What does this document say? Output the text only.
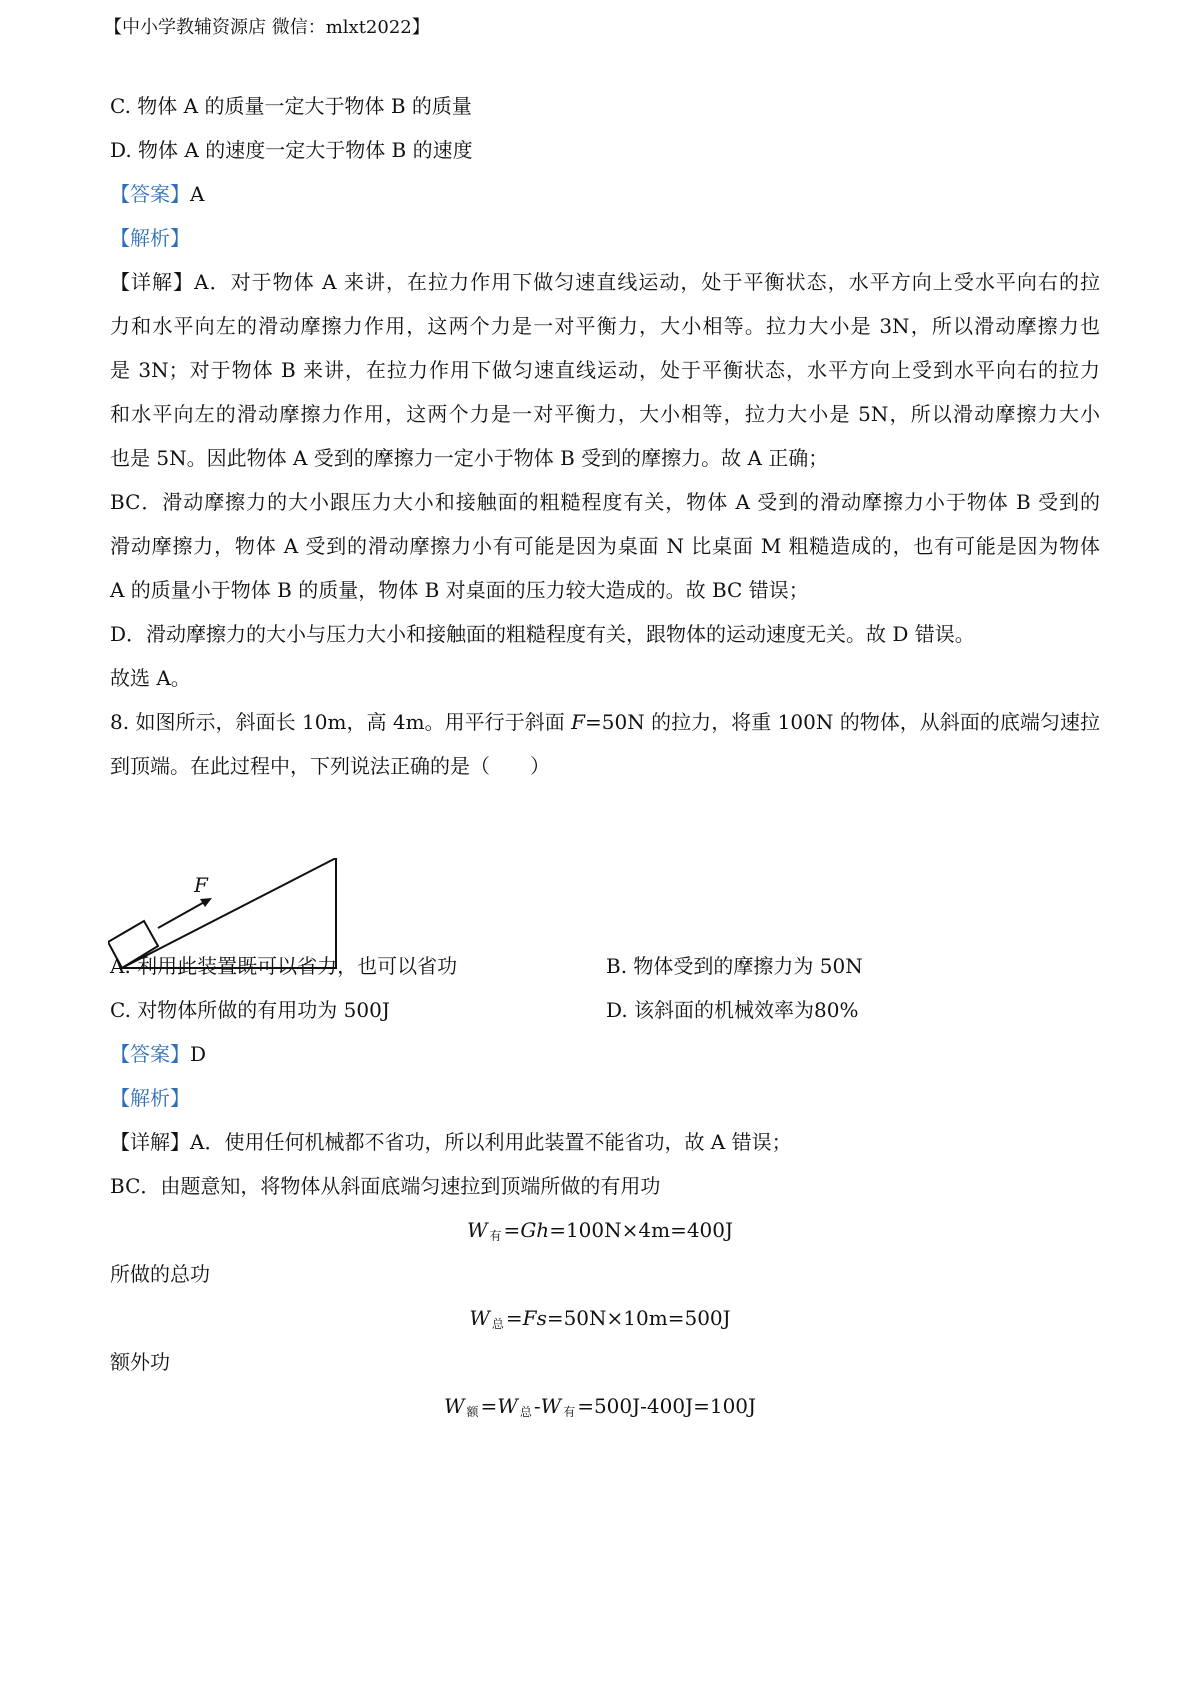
【中小学教辅资源店 微信：mlxt2022】
C. 物体 A 的质量一定大于物体 B 的质量
D. 物体 A 的速度一定大于物体 B 的速度
【答案】A
【解析】
【详解】A．对于物体 A 来讲，在拉力作用下做匀速直线运动，处于平衡状态，水平方向上受水平向右的拉
力和水平向左的滑动摩擦力作用，这两个力是一对平衡力，大小相等。拉力大小是 3N，所以滑动摩擦力也
是 3N；对于物体 B 来讲，在拉力作用下做匀速直线运动，处于平衡状态，水平方向上受到水平向右的拉力
和水平向左的滑动摩擦力作用，这两个力是一对平衡力，大小相等，拉力大小是 5N，所以滑动摩擦力大小
也是 5N。因此物体 A 受到的摩擦力一定小于物体 B 受到的摩擦力。故 A 正确；
BC．滑动摩擦力的大小跟压力大小和接触面的粗糙程度有关，物体 A 受到的滑动摩擦力小于物体 B 受到的
滑动摩擦力，物体 A 受到的滑动摩擦力小有可能是因为桌面 N 比桌面 M 粗糙造成的，也有可能是因为物体
A 的质量小于物体 B 的质量，物体 B 对桌面的压力较大造成的。故 BC 错误；
D．滑动摩擦力的大小与压力大小和接触面的粗糙程度有关，跟物体的运动速度无关。故 D 错误。
故选 A。
8. 如图所示，斜面长 10m，高 4m。用平行于斜面 F=50N 的拉力，将重 100N 的物体，从斜面的底端匀速拉
到顶端。在此过程中，下列说法正确的是（　　）
F
A. 利用此装置既可以省力，也可以省功	B. 物体受到的摩擦力为 50N
C. 对物体所做的有用功为 500J	D. 该斜面的机械效率为80%
【答案】D
【解析】
【详解】A．使用任何机械都不省功，所以利用此装置不能省功，故 A 错误；
BC．由题意知，将物体从斜面底端匀速拉到顶端所做的有用功
W $_有$ =Gh=100N×4m=400J
所做的总功
W $_总$ =Fs=50N×10m=500J
额外功
W $_额$ =W $_总$ -W $_有$ =500J-400J=100J
